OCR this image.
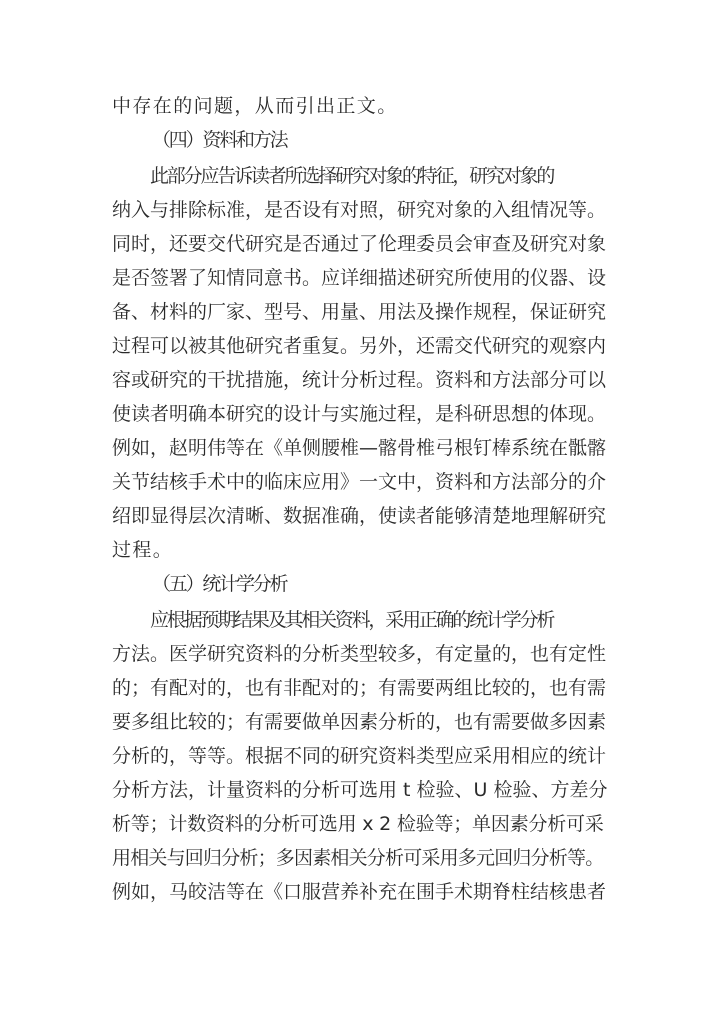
中存在的问题，从而引出正文。
（四）资料和方法
此部分应告诉读者所选择研究对象的特征，研究对象的
纳入与排除标准，是否设有对照，研究对象的入组情况等。
同时，还要交代研究是否通过了伦理委员会审查及研究对象
是否签署了知情同意书。应详细描述研究所使用的仪器、设
备、材料的厂家、型号、用量、用法及操作规程，保证研究
过程可以被其他研究者重复。另外，还需交代研究的观察内
容或研究的干扰措施，统计分析过程。资料和方法部分可以
使读者明确本研究的设计与实施过程，是科研思想的体现。
例如，赵明伟等在《单侧腰椎—髂骨椎弓根钉棒系统在骶髂
关节结核手术中的临床应用》一文中，资料和方法部分的介
绍即显得层次清晰、数据准确，使读者能够清楚地理解研究
过程。
（五）统计学分析
应根据预期结果及其相关资料，采用正确的统计学分析
方法。医学研究资料的分析类型较多，有定量的，也有定性
的；有配对的，也有非配对的；有需要两组比较的，也有需
要多组比较的；有需要做单因素分析的，也有需要做多因素
分析的，等等。根据不同的研究资料类型应采用相应的统计
分析方法，计量资料的分析可选用 t 检验、U 检验、方差分
析等；计数资料的分析可选用 x 2 检验等；单因素分析可采
用相关与回归分析；多因素相关分析可采用多元回归分析等。
例如，马皎洁等在《口服营养补充在围手术期脊柱结核患者
